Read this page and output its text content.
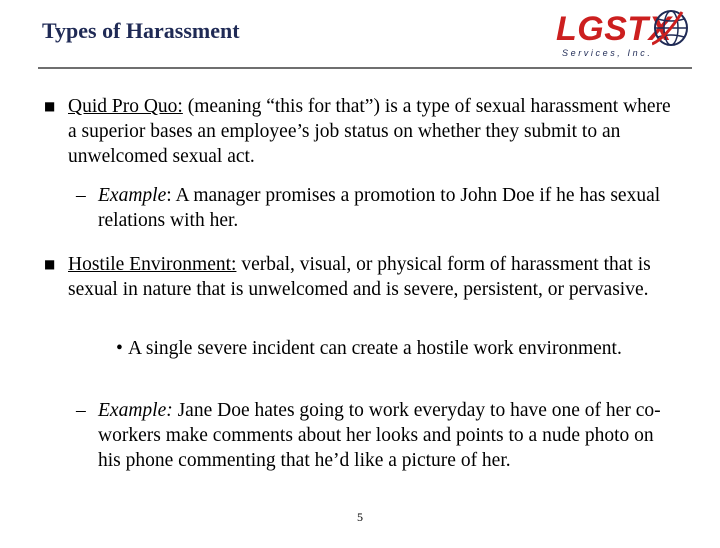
Types of Harassment	LGSTX
Services, Inc.
■ Quid Pro Quo: (meaning “this for that”) is a type of sexual harassment where a superior bases an employee’s job status on whether they submit to an unwelcomed sexual act.
– Example: A manager promises a promotion to John Doe if he has sexual relations with her.
■ Hostile Environment: verbal, visual, or physical form of harassment that is sexual in nature that is unwelcomed and is severe, persistent, or pervasive.
• A single severe incident can create a hostile work environment.
– Example: Jane Doe hates going to work everyday to have one of her co-workers make comments about her looks and points to a nude photo on his phone commenting that he’d like a picture of her.
5
